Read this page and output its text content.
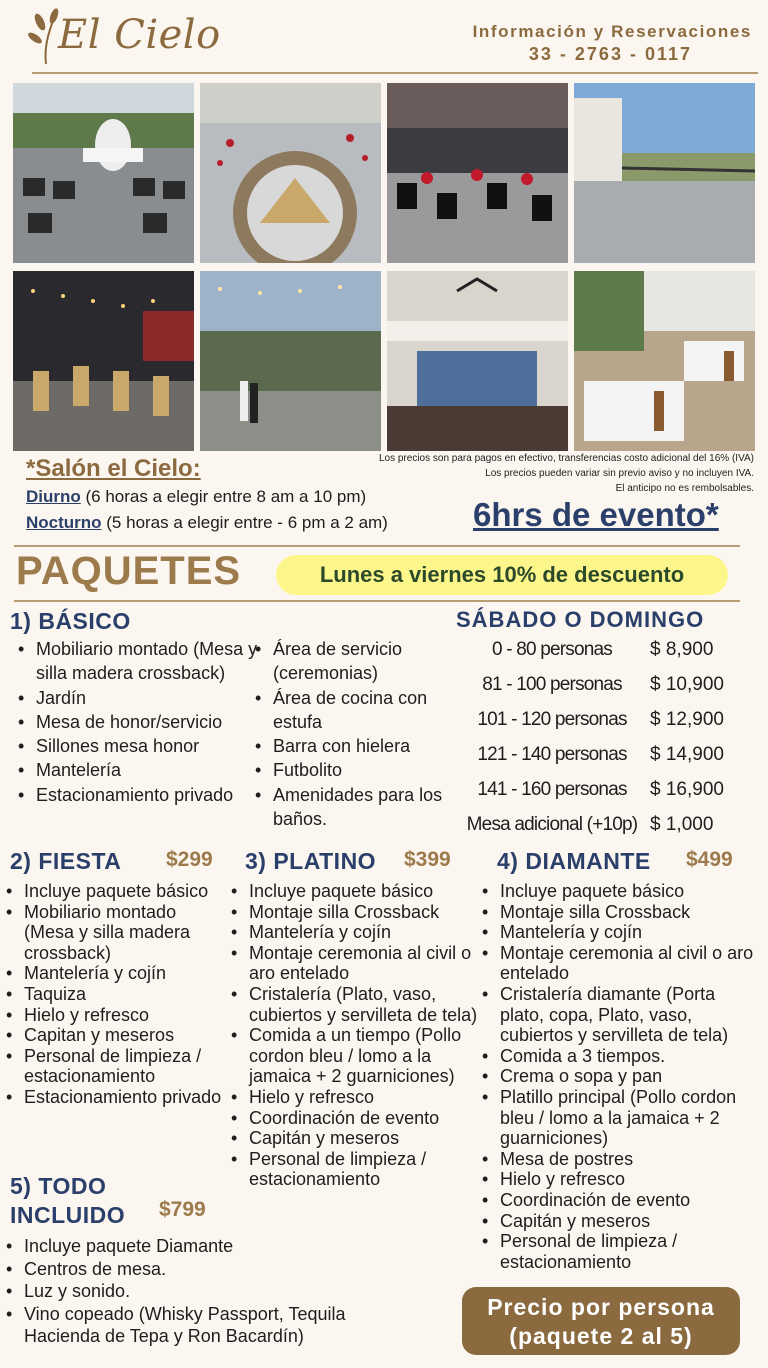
El Cielo	Información y Reservaciones
33 - 2763 - 0117
*Salón el Cielo:	Los precios son para pagos en efectivo, transferencias costo adicional del 16% (IVA)
Los precios pueden variar sin previo aviso y no incluyen IVA.
El anticipo no es rembolsables.
Diurno (6 horas a elegir entre 8 am a 10 pm)
Nocturno (5 horas a elegir entre - 6 pm a 2 am)	6hrs de evento*
PAQUETES	Lunes a viernes 10% de descuento
1) BÁSICO
• Mobiliario montado (Mesa y silla madera crossback)
• Jardín
• Mesa de honor/servicio
• Sillones mesa honor
• Mantelería
• Estacionamiento privado
• Área de servicio (ceremonias)
• Área de cocina con estufa
• Barra con hielera
• Futbolito
• Amenidades para los baños.
SÁBADO O DOMINGO
0 - 80 personas	$ 8,900
81 - 100 personas	$ 10,900
101 - 120 personas	$ 12,900
121 - 140 personas	$ 14,900
141 - 160 personas	$ 16,900
Mesa adicional (+10p) $ 1,000
2) FIESTA $299
• Incluye paquete básico
• Mobiliario montado (Mesa y silla madera crossback)
• Mantelería y cojín
• Taquiza
• Hielo y refresco
• Capitan y meseros
• Personal de limpieza / estacionamiento
• Estacionamiento privado
3) PLATINO $399
• Incluye paquete básico
• Montaje silla Crossback
• Mantelería y cojín
• Montaje ceremonia al civil o aro entelado
• Cristalería (Plato, vaso, cubiertos y servilleta de tela)
• Comida a un tiempo (Pollo cordon bleu / lomo a la jamaica + 2 guarniciones)
• Hielo y refresco
• Coordinación de evento
• Capitán y meseros
• Personal de limpieza / estacionamiento
4) DIAMANTE $499
• Incluye paquete básico
• Montaje silla Crossback
• Mantelería y cojín
• Montaje ceremonia al civil o aro entelado
• Cristalería diamante (Porta plato, copa, Plato, vaso, cubiertos y servilleta de tela)
• Comida a 3 tiempos.
• Crema o sopa y pan
• Platillo principal (Pollo cordon bleu / lomo a la jamaica + 2 guarniciones)
• Mesa de postres
• Hielo y refresco
• Coordinación de evento
• Capitán y meseros
• Personal de limpieza / estacionamiento
5) TODO
INCLUIDO $799
• Incluye paquete Diamante
• Centros de mesa.
• Luz y sonido.
• Vino copeado (Whisky Passport, Tequila Hacienda de Tepa y Ron Bacardín)
Precio por persona
(paquete 2 al 5)
